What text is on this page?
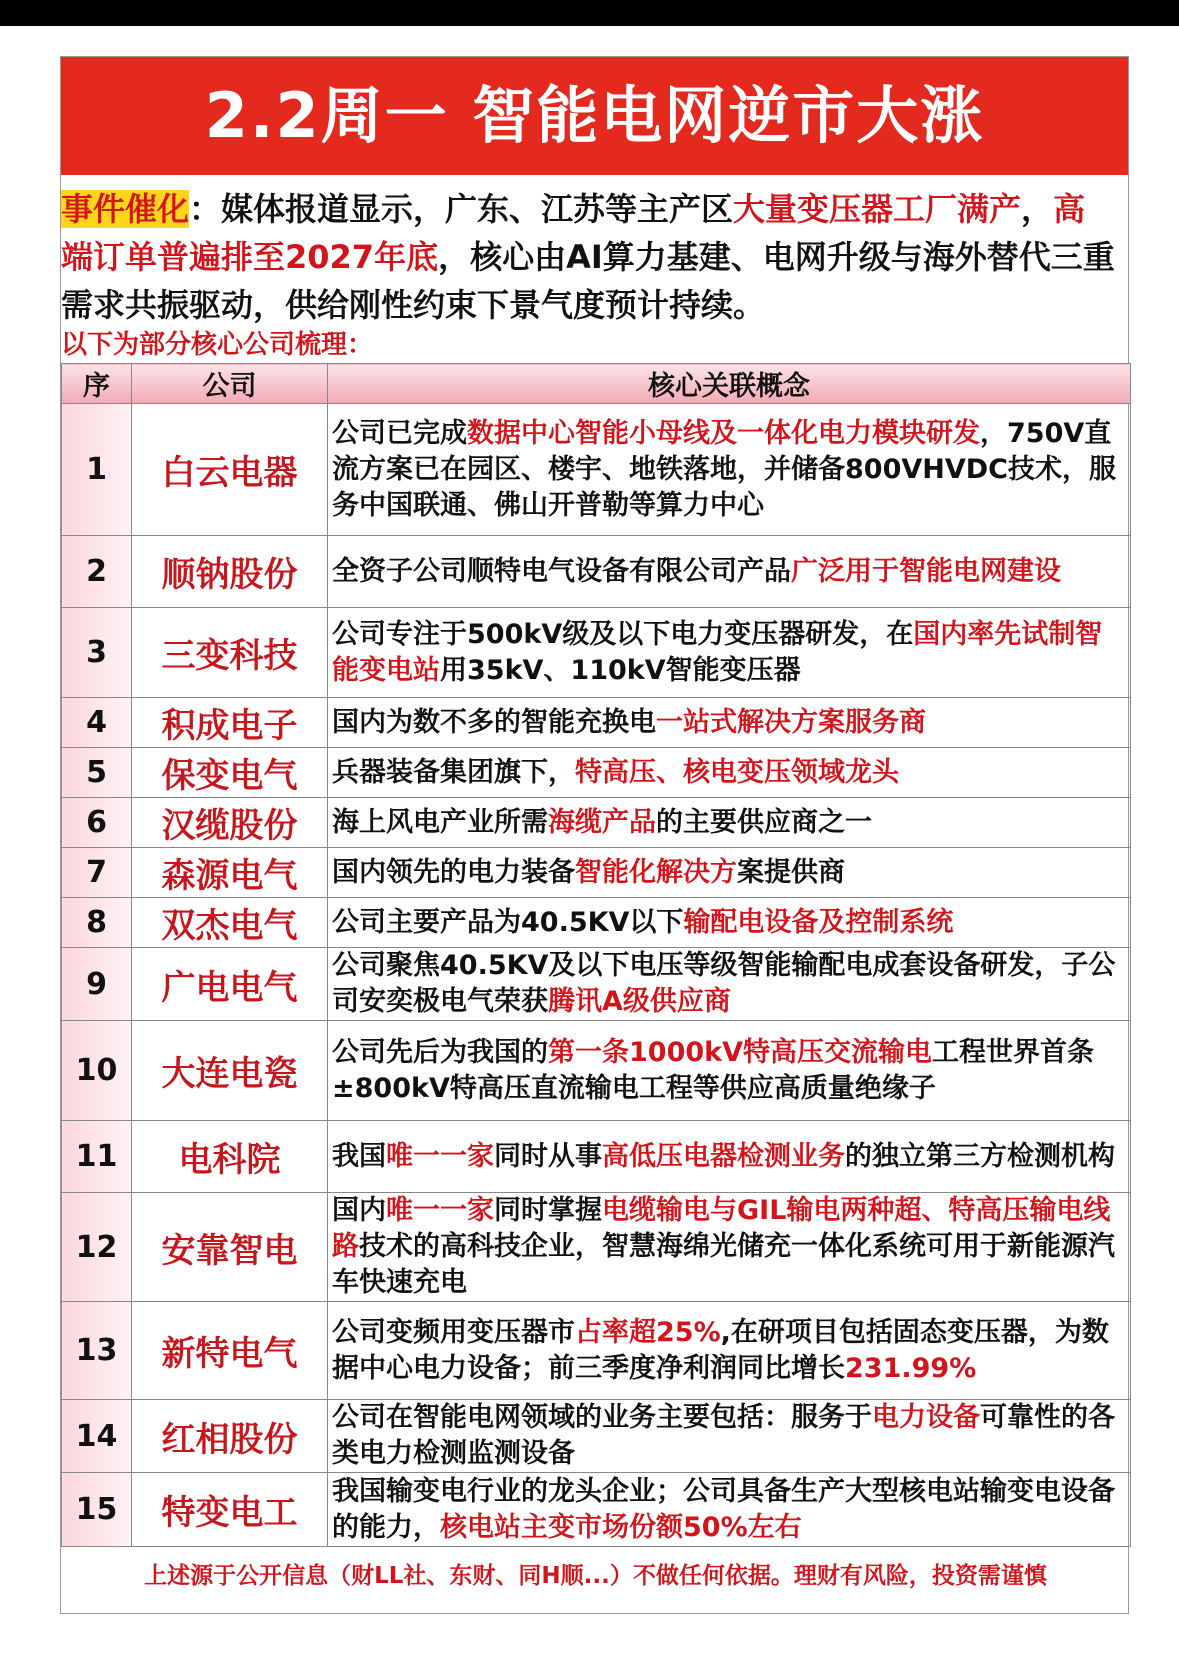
2.2周一 智能电网逆市大涨
事件催化：媒体报道显示，广东、江苏等主产区大量变压器工厂满产，高端订单普遍排至2027年底，核心由AI算力基建、电网升级与海外替代三重需求共振驱动，供给刚性约束下景气度预计持续。
以下为部分核心公司梳理：
序	公司	核心关联概念
1	白云电器	公司已完成数据中心智能小母线及一体化电力模块研发，750V直流方案已在园区、楼宇、地铁落地，并储备800VHVDC技术，服务中国联通、佛山开普勒等算力中心
2	顺钠股份	全资子公司顺特电气设备有限公司产品广泛用于智能电网建设
3	三变科技	公司专注于500kV级及以下电力变压器研发，在国内率先试制智能变电站用35kV、110kV智能变压器
4	积成电子	国内为数不多的智能充换电一站式解决方案服务商
5	保变电气	兵器装备集团旗下，特高压、核电变压领域龙头
6	汉缆股份	海上风电产业所需海缆产品的主要供应商之一
7	森源电气	国内领先的电力装备智能化解决方案提供商
8	双杰电气	公司主要产品为40.5KV以下输配电设备及控制系统
9	广电电气	公司聚焦40.5KV及以下电压等级智能输配电成套设备研发，子公司安奕极电气荣获腾讯A级供应商
10	大连电瓷	公司先后为我国的第一条1000kV特高压交流输电工程世界首条±800kV特高压直流输电工程等供应高质量绝缘子
11	电科院	我国唯一一家同时从事高低压电器检测业务的独立第三方检测机构
12	安靠智电	国内唯一一家同时掌握电缆输电与GIL输电两种超、特高压输电线路技术的高科技企业，智慧海绵光储充一体化系统可用于新能源汽车快速充电
13	新特电气	公司变频用变压器市占率超25%,在研项目包括固态变压器，为数据中心电力设备；前三季度净利润同比增长231.99%
14	红相股份	公司在智能电网领域的业务主要包括：服务于电力设备可靠性的各类电力检测监测设备
15	特变电工	我国输变电行业的龙头企业；公司具备生产大型核电站输变电设备的能力，核电站主变市场份额50%左右
上述源于公开信息（财LL社、东财、同H顺...）不做任何依据。理财有风险，投资需谨慎
